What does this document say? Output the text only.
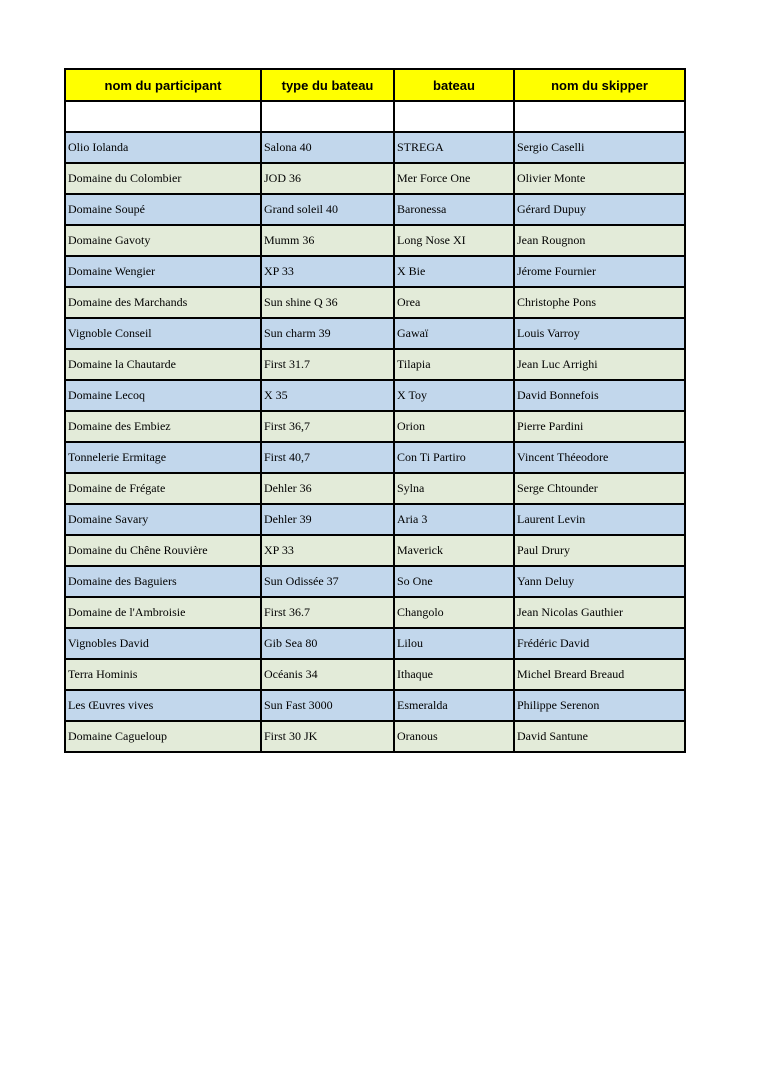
nom du participant	type du bateau	bateau	nom du skipper

Olio Iolanda	Salona 40	STREGA	Sergio Caselli
Domaine du Colombier	JOD 36	Mer Force One	Olivier Monte
Domaine Soupé	Grand soleil 40	Baronessa	Gérard Dupuy
Domaine Gavoty	Mumm 36	Long Nose XI	Jean Rougnon
Domaine Wengier	XP 33	X Bie	Jérome Fournier
Domaine des Marchands	Sun shine Q 36	Orea	Christophe Pons
Vignoble Conseil	Sun charm 39	Gawaï	Louis Varroy
Domaine la Chautarde	First 31.7	Tilapia	Jean Luc Arrighi
Domaine Lecoq	X 35	X Toy	David Bonnefois
Domaine des Embiez	First 36,7	Orion	Pierre Pardini
Tonnelerie Ermitage	First 40,7	Con Ti Partiro	Vincent Théeodore
Domaine de Frégate	Dehler 36	Sylna	Serge Chtounder
Domaine Savary	Dehler 39	Aria 3	Laurent Levin
Domaine du Chêne Rouvière	XP 33	Maverick	Paul Drury
Domaine des Baguiers	Sun Odissée 37	So One	Yann Deluy
Domaine de l'Ambroisie	First 36.7	Changolo	Jean Nicolas Gauthier
Vignobles David	Gib Sea 80	Lilou	Frédéric David
Terra Hominis	Océanis 34	Ithaque	Michel Breard Breaud
Les Œuvres vives	Sun Fast 3000	Esmeralda	Philippe Serenon
Domaine Cagueloup	First 30 JK	Oranous	David Santune
